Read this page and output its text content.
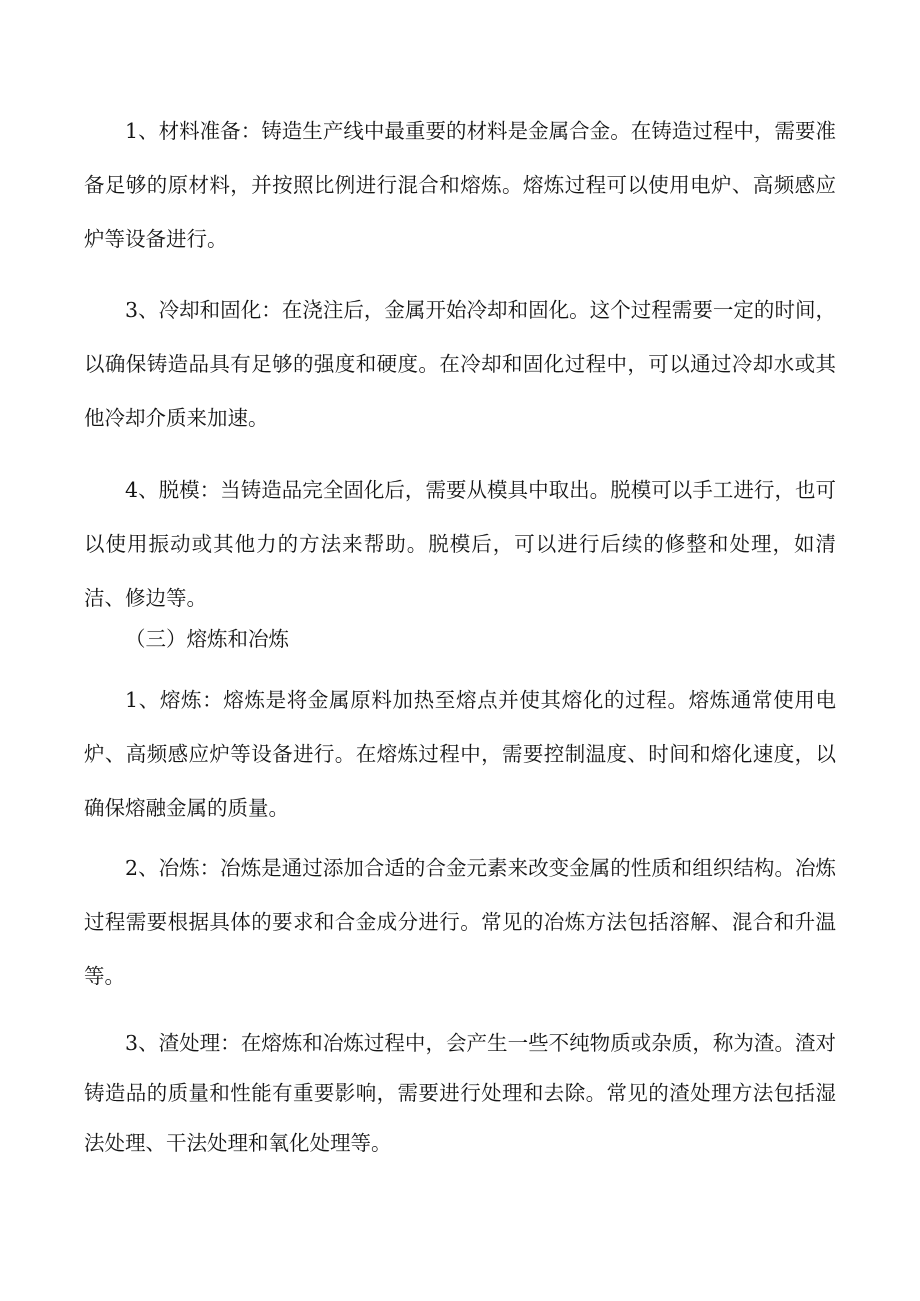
1、材料准备：铸造生产线中最重要的材料是金属合金。在铸造过程中，需要准备足够的原材料，并按照比例进行混合和熔炼。熔炼过程可以使用电炉、高频感应炉等设备进行。

3、冷却和固化：在浇注后，金属开始冷却和固化。这个过程需要一定的时间，以确保铸造品具有足够的强度和硬度。在冷却和固化过程中，可以通过冷却水或其他冷却介质来加速。

4、脱模：当铸造品完全固化后，需要从模具中取出。脱模可以手工进行，也可以使用振动或其他力的方法来帮助。脱模后，可以进行后续的修整和处理，如清洁、修边等。

（三）熔炼和冶炼

1、熔炼：熔炼是将金属原料加热至熔点并使其熔化的过程。熔炼通常使用电炉、高频感应炉等设备进行。在熔炼过程中，需要控制温度、时间和熔化速度，以确保熔融金属的质量。

2、冶炼：冶炼是通过添加合适的合金元素来改变金属的性质和组织结构。冶炼过程需要根据具体的要求和合金成分进行。常见的冶炼方法包括溶解、混合和升温等。

3、渣处理：在熔炼和冶炼过程中，会产生一些不纯物质或杂质，称为渣。渣对铸造品的质量和性能有重要影响，需要进行处理和去除。常见的渣处理方法包括湿法处理、干法处理和氧化处理等。
